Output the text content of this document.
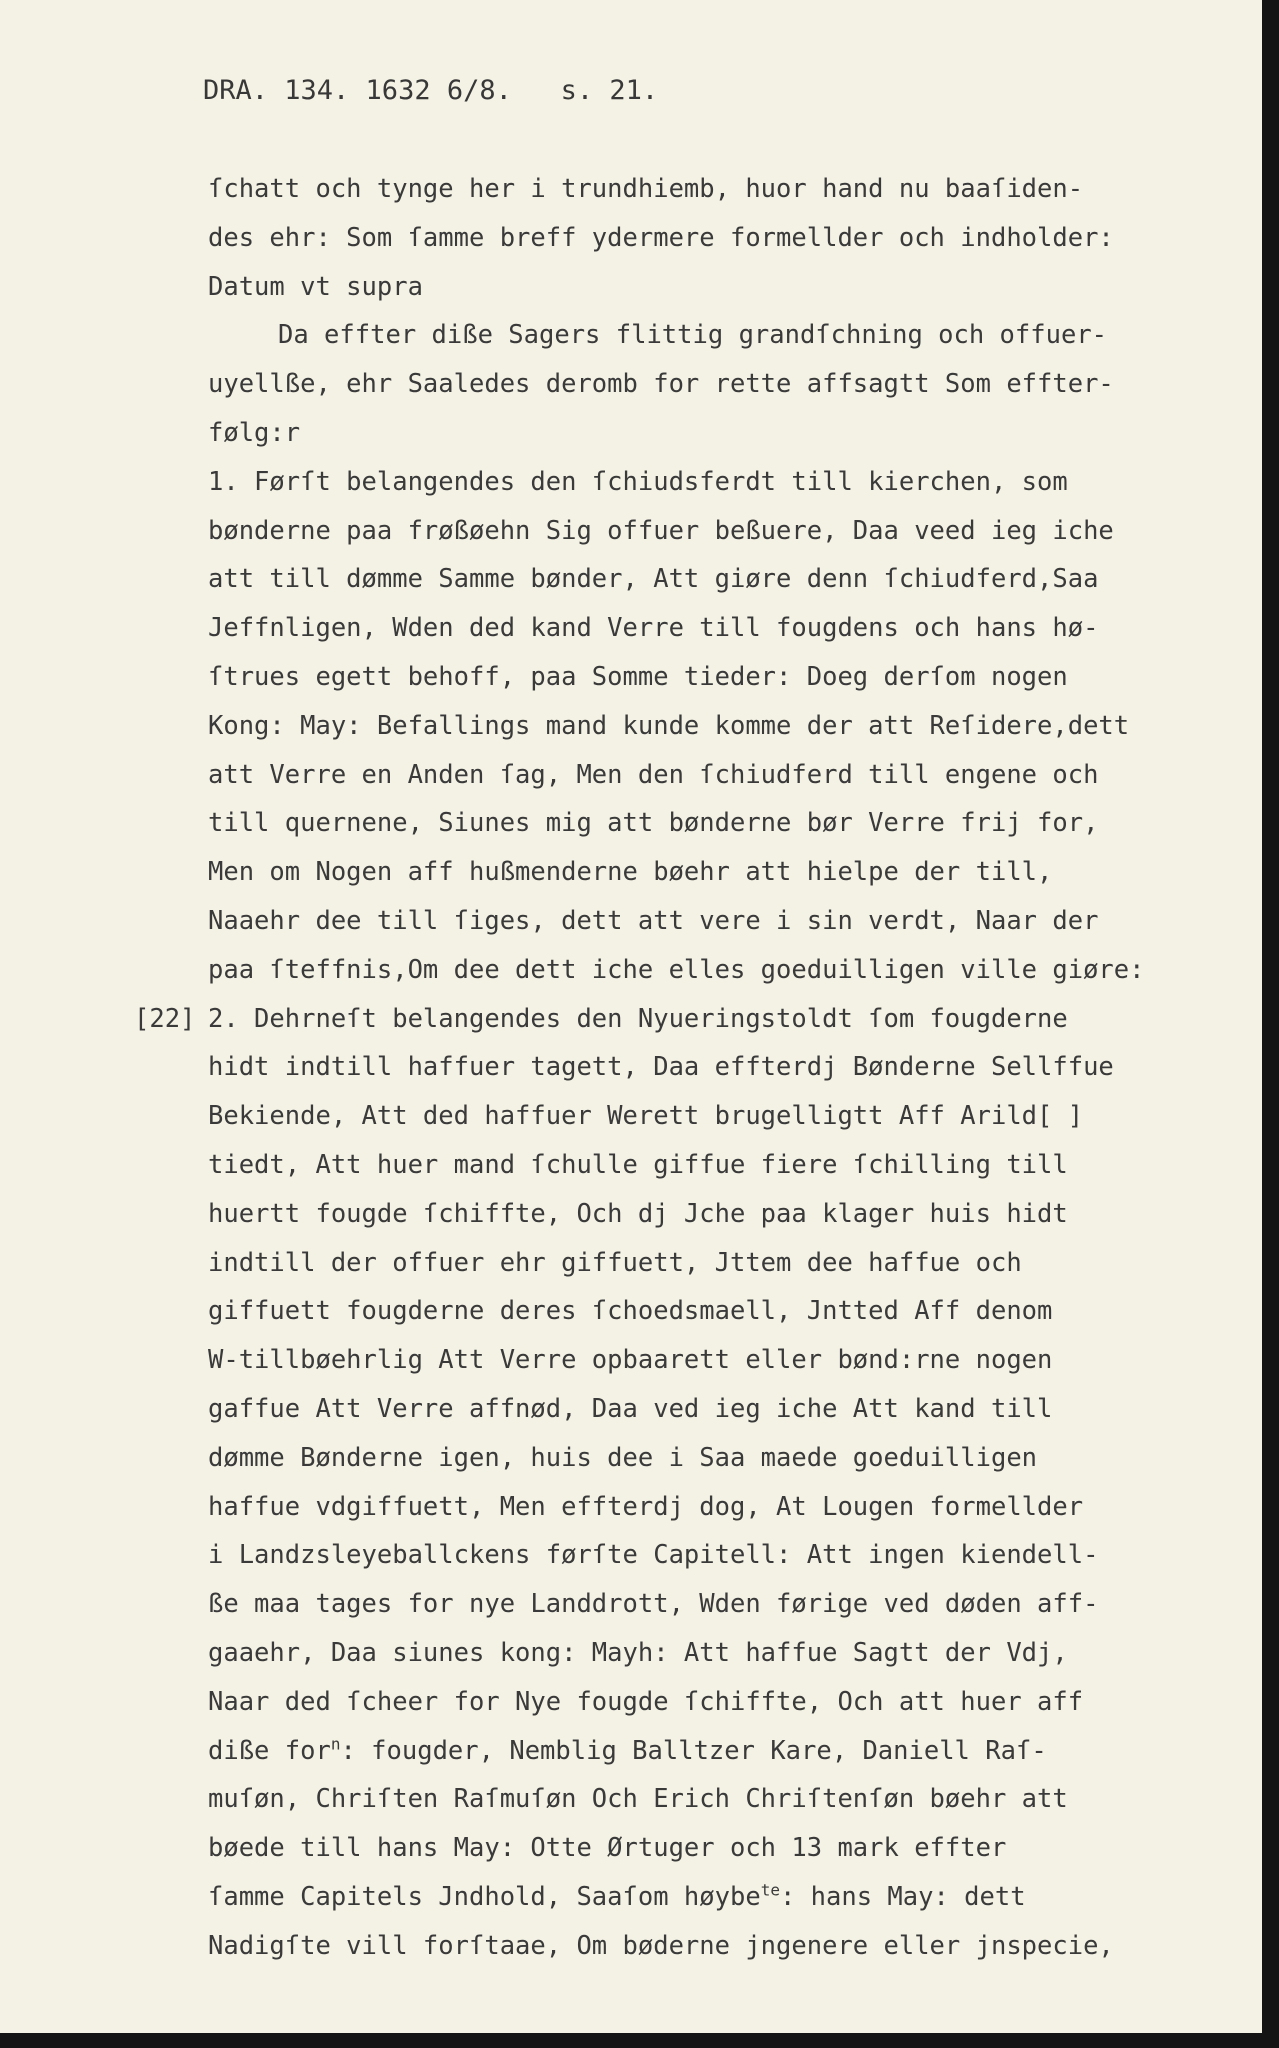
DRA. 134. 1632 6/8.   s. 21.
ſchatt och tynge her i trundhiemb, huor hand nu baaſiden-
des ehr: Som ſamme breff ydermere formellder och indholder:
Datum vt supra
Da effter diße Sagers flittig grandſchning och offuer-
uyellße, ehr Saaledes deromb for rette affsagtt Som effter-
følg:r
1. Førſt belangendes den ſchiudsferdt till kierchen, som
bønderne paa frøßøehn Sig offuer beßuere, Daa veed ieg iche
att till dømme Samme bønder, Att giøre denn ſchiudferd,Saa
Jeffnligen, Wden ded kand Verre till fougdens och hans hø-
ſtrues egett behoff, paa Somme tieder: Doeg derſom nogen
Kong: May: Befallings mand kunde komme der att Reſidere,dett
att Verre en Anden ſag, Men den ſchiudferd till engene och
till quernene, Siunes mig att bønderne bør Verre frij for,
Men om Nogen aff hußmenderne bøehr att hielpe der till,
Naaehr dee till ſiges, dett att vere i sin verdt, Naar der
paa ſteffnis,Om dee dett iche elles goeduilligen ville giøre:
[22] 2. Dehrneſt belangendes den Nyueringstoldt ſom fougderne
hidt indtill haffuer tagett, Daa effterdj Bønderne Sellffue
Bekiende, Att ded haffuer Werett brugelligtt Aff Arild[ ]
tiedt, Att huer mand ſchulle giffue fiere ſchilling till
huertt fougde ſchiffte, Och dj Jche paa klager huis hidt
indtill der offuer ehr giffuett, Jttem dee haffue och
giffuett fougderne deres ſchoedsmaell, Jntted Aff denom
W-tillbøehrlig Att Verre opbaarett eller bønd:rne nogen
gaffue Att Verre affnød, Daa ved ieg iche Att kand till
dømme Bønderne igen, huis dee i Saa maede goeduilligen
haffue vdgiffuett, Men effterdj dog, At Lougen formellder
i Landzsleyeballckens førſte Capitell: Att ingen kiendell-
ße maa tages for nye Landdrott, Wden førige ved døden aff-
gaaehr, Daa siunes kong: Mayh: Att haffue Sagtt der Vdj,
Naar ded ſcheer for Nye fougde ſchiffte, Och att huer aff
diße for$^n$: fougder, Nemblig Balltzer Kare, Daniell Raſ-
muſøn, Chriſten Raſmuſøn Och Erich Chriſtenſøn bøehr att
bøede till hans May: Otte Ørtuger och 13 mark effter
ſamme Capitels Jndhold, Saaſom høybe$^{te}$: hans May: dett
Nadigſte vill forſtaae, Om bøderne jngenere eller jnspecie,
